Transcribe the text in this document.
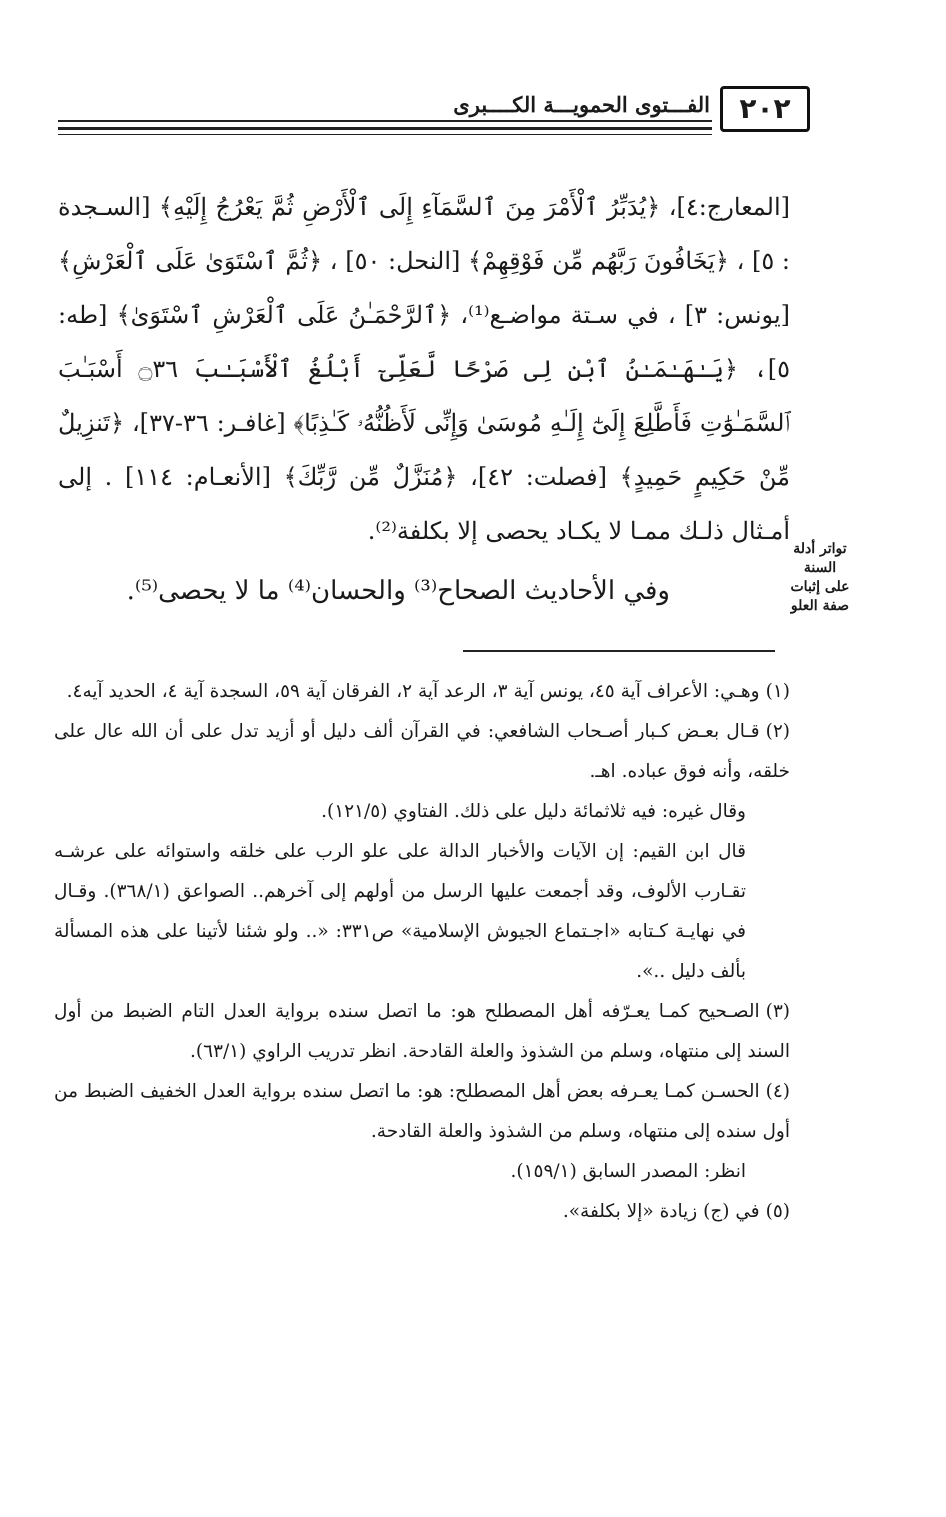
٢٠٢
الفـــتوى الحمويـــة الكــــبرى

[المعارج:٤]، ﴿يُدَبِّرُ ٱلْأَمْرَ مِنَ ٱلسَّمَآءِ إِلَى ٱلْأَرْضِ ثُمَّ يَعْرُجُ إِلَيْهِ﴾ [السـجدة : ٥] ، ﴿يَخَافُونَ رَبَّهُم مِّن فَوْقِهِمْ﴾ [النحل: ٥٠] ، ﴿ثُمَّ ٱسْتَوَىٰ عَلَى ٱلْعَرْشِ﴾ [يونس: ٣] ، في سـتة مواضـع⁽¹⁾، ﴿ٱلرَّحْمَـٰنُ عَلَى ٱلْعَرْشِ ٱسْتَوَىٰ﴾ [طه: ٥]، ﴿يَـٰهَـٰمَـٰنُ ٱبْنِ لِى صَرْحًا لَّعَلِّىٓ أَبْلُغُ ٱلْأَسْبَـٰبَ ۝٣٦ أَسْبَـٰبَ ٱلسَّمَـٰوَٰتِ فَأَطَّلِعَ إِلَىٰٓ إِلَـٰهِ مُوسَىٰ وَإِنِّى لَأَظُنُّهُۥ كَـٰذِبًا﴾ [غافـر: ٣٦-٣٧]، ﴿تَنزِيلٌ مِّنْ حَكِيمٍ حَمِيدٍ﴾ [فصلت: ٤٢]، ﴿مُنَزَّلٌ مِّن رَّبِّكَ﴾ [الأنعـام: ١١٤] . إلى أمـثال ذلـك ممـا لا يكـاد يحصى إلا بكلفة⁽²⁾.

وفي الأحاديث الصحاح⁽³⁾ والحسان⁽⁴⁾ ما لا يحصى⁽⁵⁾.

تواتر أدلة السنة على إثبات صفة العلو

(١)وهـي: الأعراف آية ٤٥، يونس آية ٣، الرعد آية ٢، الفرقان آية ٥٩، السجدة آية ٤، الحديد آيه٤.

(٢)قـال بعـض كـبار أصـحاب الشافعي: في القرآن ألف دليل أو أزيد تدل على أن الله عال على خلقه، وأنه فوق عباده. اهـ.

وقال غيره: فيه ثلاثمائة دليل على ذلك. الفتاوي (١٢١/٥).

قال ابن القيم: إن الآيات والأخبار الدالة على علو الرب على خلقه واستوائه على عرشـه تقـارب الألوف، وقد أجمعت عليها الرسل من أولهم إلى آخرهم.. الصواعق (٣٦٨/١). وقـال في نهايـة كـتابه «اجـتماع الجيوش الإسلامية» ص٣٣١: «.. ولو شئنا لأتينا على هذه المسألة بألف دليل ..».

(٣)الصـحيح كمـا يعـرّفه أهل المصطلح هو: ما اتصل سنده برواية العدل التام الضبط من أول السند إلى منتهاه، وسلم من الشذوذ والعلة القادحة. انظر تدريب الراوي (٦٣/١).

(٤)الحسـن كمـا يعـرفه بعض أهل المصطلح: هو: ما اتصل سنده برواية العدل الخفيف الضبط من أول سنده إلى منتهاه، وسلم من الشذوذ والعلة القادحة.

انظر: المصدر السابق (١٥٩/١).

(٥)في (ج) زيادة «إلا بكلفة».
